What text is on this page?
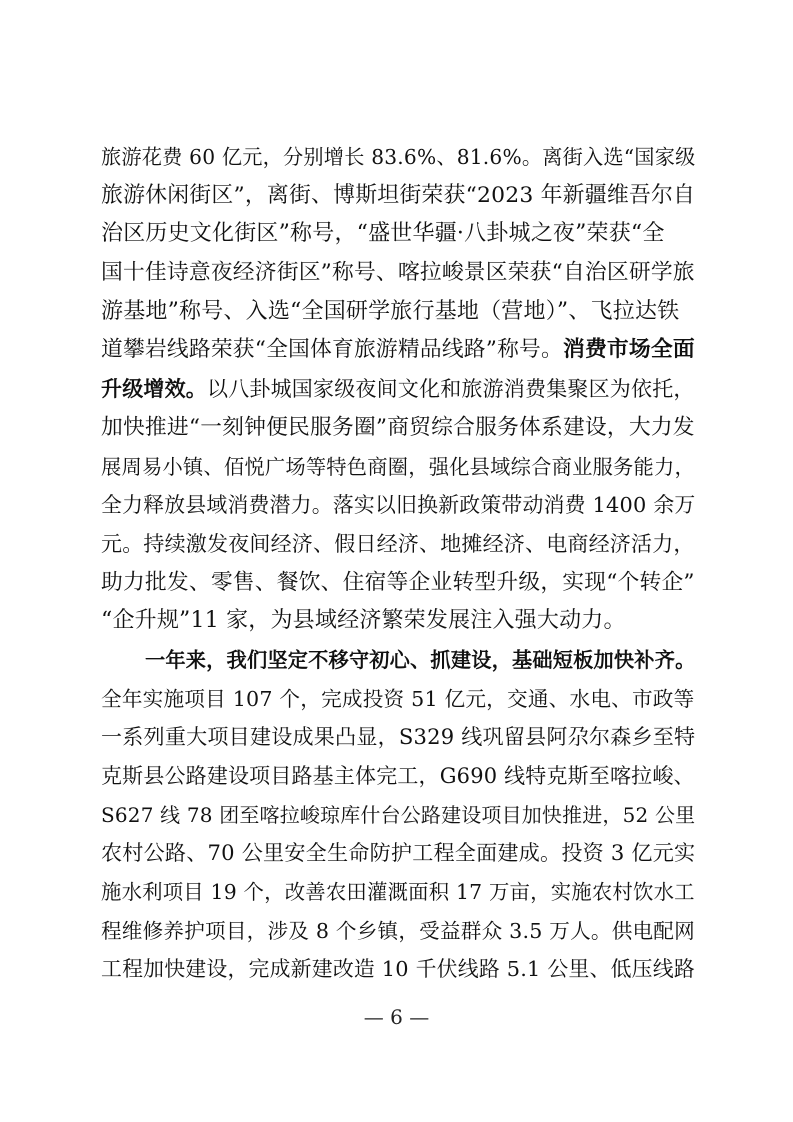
旅游花费 60 亿元，分别增长 83.6%、81.6%。离街入选“国家级
旅游休闲街区”，离街、博斯坦街荣获“2023 年新疆维吾尔自
治区历史文化街区”称号，“盛世华疆·八卦城之夜”荣获“全
国十佳诗意夜经济街区”称号、喀拉峻景区荣获“自治区研学旅
游基地”称号、入选“全国研学旅行基地（营地）”、飞拉达铁
道攀岩线路荣获“全国体育旅游精品线路”称号。消费市场全面
升级增效。以八卦城国家级夜间文化和旅游消费集聚区为依托，
加快推进“一刻钟便民服务圈”商贸综合服务体系建设，大力发
展周易小镇、佰悦广场等特色商圈，强化县域综合商业服务能力，
全力释放县域消费潜力。落实以旧换新政策带动消费 1400 余万
元。持续激发夜间经济、假日经济、地摊经济、电商经济活力，
助力批发、零售、餐饮、住宿等企业转型升级，实现“个转企”
“企升规”11 家，为县域经济繁荣发展注入强大动力。
一年来，我们坚定不移守初心、抓建设，基础短板加快补齐。
全年实施项目 107 个，完成投资 51 亿元，交通、水电、市政等
一系列重大项目建设成果凸显，S329 线巩留县阿尕尔森乡至特
克斯县公路建设项目路基主体完工，G690 线特克斯至喀拉峻、
S627 线 78 团至喀拉峻琼库什台公路建设项目加快推进，52 公里
农村公路、70 公里安全生命防护工程全面建成。投资 3 亿元实
施水利项目 19 个，改善农田灌溉面积 17 万亩，实施农村饮水工
程维修养护项目，涉及 8 个乡镇，受益群众 3.5 万人。供电配网
工程加快建设，完成新建改造 10 千伏线路 5.1 公里、低压线路
— 6 —
